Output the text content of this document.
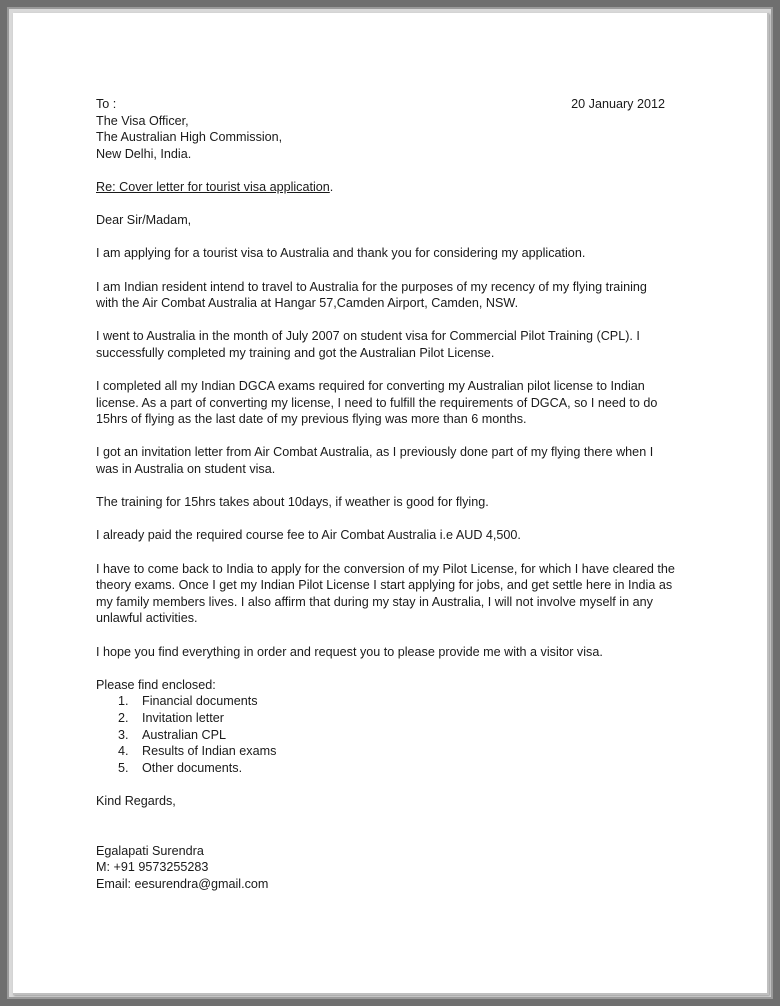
20 January 2012

To :

The Visa Officer,

The Australian High Commission,

New Delhi, India.

Re: Cover letter for tourist visa application.

Dear Sir/Madam,

I am applying for a tourist visa to Australia and thank you for considering my application.
I am Indian resident intend to travel to Australia for the purposes of my recency of my flying training
with the Air Combat Australia at Hangar 57,Camden Airport, Camden, NSW.
I went to Australia in the month of July 2007 on student visa for Commercial Pilot Training (CPL). I
successfully completed my training and got the Australian Pilot License.
I completed all my Indian DGCA exams required for converting my Australian pilot license to Indian
license. As a part of converting my license, I need to fulfill the requirements of DGCA, so I need to do
15hrs of flying as the last date of my previous flying was more than 6 months.
I got an invitation letter from Air Combat Australia, as I previously done part of my flying there when I
was in Australia on student visa.
The training for 15hrs takes about 10days, if weather is good for flying.
I already paid the required course fee to Air Combat Australia i.e AUD 4,500.
I have to come back to India to apply for the conversion of my Pilot License, for which I have cleared the
theory exams. Once I get my Indian Pilot License I start applying for jobs, and get settle here in India as
my family members lives. I also affirm that during my stay in Australia, I will not involve myself in any
unlawful activities.
I hope you find everything in order and request you to please provide me with a visitor visa.

Please find enclosed:

1. Financial documents
2. Invitation letter
3. Australian CPL
4. Results of Indian exams
5. Other documents.

Kind Regards,

Egalapati Surendra

M: +91 9573255283

Email: eesurendra@gmail.com
